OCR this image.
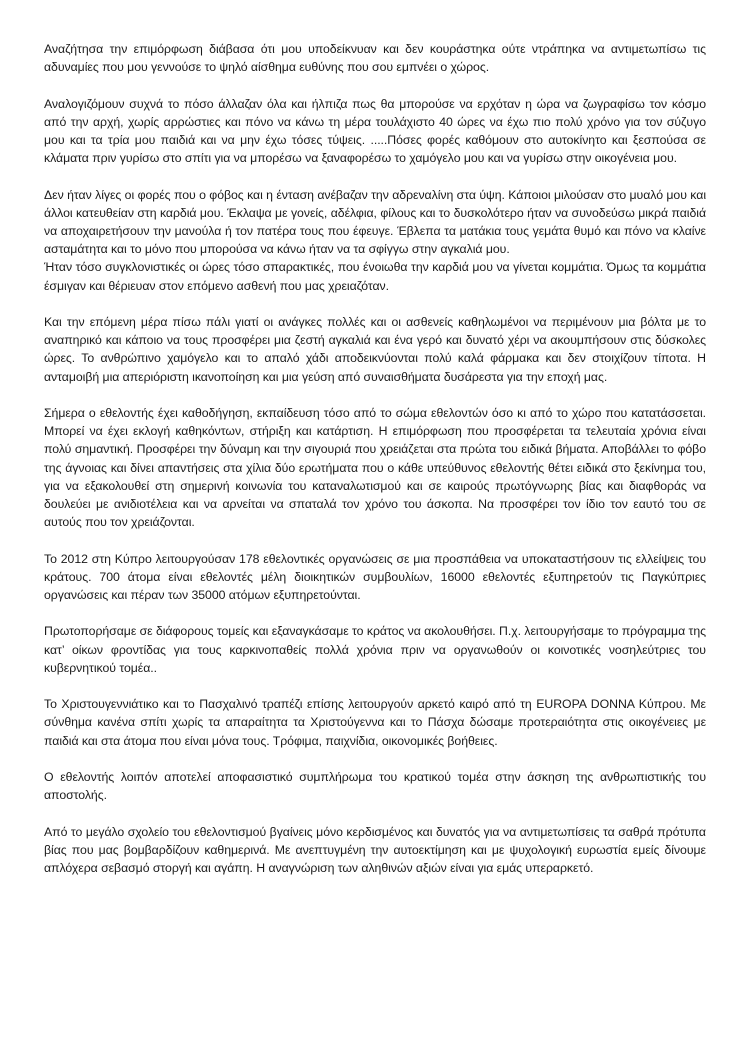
Αναζήτησα την επιμόρφωση διάβασα ότι μου υποδείκνυαν και δεν κουράστηκα ούτε ντράπηκα να αντιμετωπίσω τις αδυναμίες που μου γεννούσε το ψηλό αίσθημα ευθύνης που σου εμπνέει ο χώρος.

Αναλογιζόμουν συχνά το πόσο άλλαζαν όλα και ήλπιζα πως θα μπορούσε να ερχόταν η ώρα να ζωγραφίσω τον κόσμο από την αρχή, χωρίς αρρώστιες και πόνο να κάνω τη μέρα τουλάχιστο 40 ώρες να έχω πιο πολύ χρόνο για τον σύζυγο μου και τα τρία μου παιδιά και να μην έχω τόσες τύψεις. .....Πόσες φορές καθόμουν στο αυτοκίνητο και ξεσπούσα σε κλάματα πριν γυρίσω στο σπίτι για να μπορέσω να ξαναφορέσω το χαμόγελο μου και να γυρίσω στην οικογένεια μου.

Δεν ήταν λίγες οι φορές που ο φόβος και η ένταση ανέβαζαν την αδρεναλίνη στα ύψη. Κάποιοι μιλούσαν στο μυαλό μου και άλλοι κατευθείαν στη καρδιά μου. Έκλαψα με γονείς, αδέλφια, φίλους και το δυσκολότερο ήταν να συνοδεύσω μικρά παιδιά να αποχαιρετήσουν την μανούλα ή τον πατέρα τους που έφευγε. Έβλεπα τα ματάκια τους γεμάτα θυμό και πόνο να κλαίνε ασταμάτητα και το μόνο που μπορούσα να κάνω ήταν να τα σφίγγω στην αγκαλιά μου.

Ήταν τόσο συγκλονιστικές οι ώρες τόσο σπαρακτικές, που ένοιωθα την καρδιά μου να γίνεται κομμάτια. Όμως τα κομμάτια έσμιγαν και θέριευαν στον επόμενο ασθενή που μας χρειαζόταν.

Και την επόμενη μέρα πίσω πάλι γιατί οι ανάγκες πολλές και οι ασθενείς καθηλωμένοι να περιμένουν μια βόλτα με το αναπηρικό και κάποιο να τους προσφέρει μια ζεστή αγκαλιά και ένα γερό και δυνατό χέρι να ακουμπήσουν στις δύσκολες ώρες. Το ανθρώπινο χαμόγελο και το απαλό χάδι αποδεικνύονται πολύ καλά φάρμακα και δεν στοιχίζουν τίποτα. Η ανταμοιβή μια απεριόριστη ικανοποίηση και μια γεύση από συναισθήματα δυσάρεστα για την εποχή μας.

Σήμερα ο εθελοντής έχει καθοδήγηση, εκπαίδευση τόσο από το σώμα εθελοντών όσο κι από το χώρο που κατατάσσεται. Μπορεί να έχει εκλογή καθηκόντων, στήριξη και κατάρτιση. Η επιμόρφωση που προσφέρεται τα τελευταία χρόνια είναι πολύ σημαντική. Προσφέρει την δύναμη και την σιγουριά που χρειάζεται στα πρώτα του ειδικά βήματα. Αποβάλλει το φόβο της άγνοιας και δίνει απαντήσεις στα χίλια δύο ερωτήματα που ο κάθε υπεύθυνος εθελοντής θέτει ειδικά στο ξεκίνημα του, για να εξακολουθεί στη σημερινή κοινωνία του καταναλωτισμού και σε καιρούς πρωτόγνωρης βίας και διαφθοράς να δουλεύει με ανιδιοτέλεια και να αρνείται να σπαταλά τον χρόνο του άσκοπα. Να προσφέρει τον ίδιο τον εαυτό του σε αυτούς που τον χρειάζονται.

Το 2012 στη Κύπρο λειτουργούσαν 178 εθελοντικές οργανώσεις σε μια προσπάθεια να υποκαταστήσουν τις ελλείψεις του κράτους. 700 άτομα είναι εθελοντές μέλη διοικητικών συμβουλίων, 16000 εθελοντές εξυπηρετούν τις Παγκύπριες οργανώσεις και πέραν των 35000 ατόμων εξυπηρετούνται.

Πρωτοπορήσαμε σε διάφορους τομείς και εξαναγκάσαμε το κράτος να ακολουθήσει. Π.χ. λειτουργήσαμε το πρόγραμμα της κατ’ οίκων φροντίδας για τους καρκινοπαθείς πολλά χρόνια πριν να οργανωθούν οι κοινοτικές νοσηλεύτριες του κυβερνητικού τομέα..

Το Χριστουγεννιάτικο και το Πασχαλινό τραπέζι επίσης λειτουργούν αρκετό καιρό από τη EUROPA DONNA Κύπρου. Με σύνθημα κανένα σπίτι χωρίς τα απαραίτητα τα Χριστούγεννα και το Πάσχα δώσαμε προτεραιότητα στις οικογένειες με παιδιά και στα άτομα που είναι μόνα τους. Τρόφιμα, παιχνίδια, οικονομικές βοήθειες.

Ο εθελοντής λοιπόν αποτελεί αποφασιστικό συμπλήρωμα του κρατικού τομέα στην άσκηση της ανθρωπιστικής του αποστολής.

Από το μεγάλο σχολείο του εθελοντισμού βγαίνεις μόνο κερδισμένος και δυνατός για να αντιμετωπίσεις τα σαθρά πρότυπα βίας που μας βομβαρδίζουν καθημερινά. Με ανεπτυγμένη την αυτοεκτίμηση και με ψυχολογική ευρωστία εμείς δίνουμε απλόχερα σεβασμό στοργή και αγάπη. Η αναγνώριση των αληθινών αξιών είναι για εμάς υπεραρκετό.
